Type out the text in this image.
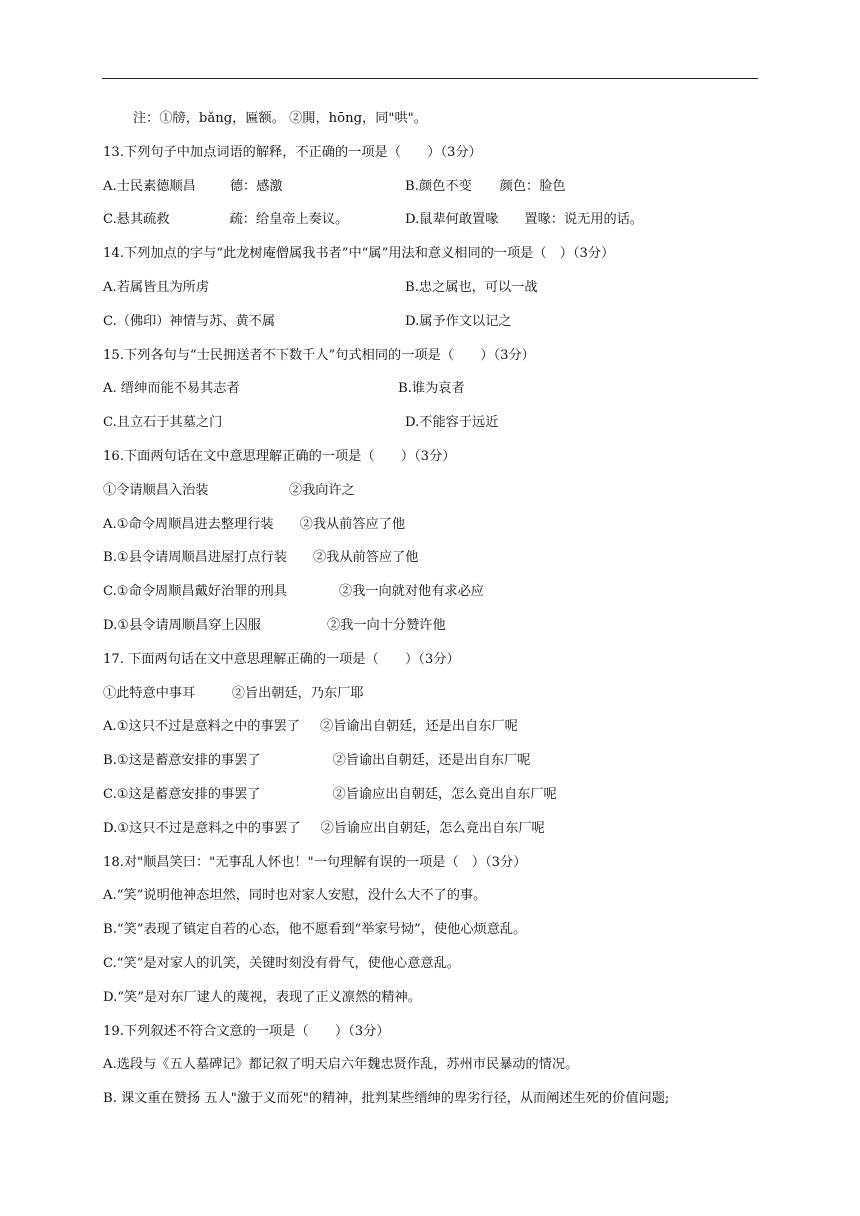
注：①牓，bǎng，匾额。 ②閧，hōng，同"哄"。
13.下列句子中加点词语的解释，不正确的一项是（　　）（3分）
A.士民素德顺昌	德：感激	B.颜色不变 颜色：脸色
C.悬其疏救	疏：给皇帝上奏议。	D.鼠辈何敢置喙 置喙：说无用的话。
14.下列加点的字与“此龙树庵僧属我书者”中“属”用法和意义相同的一项是（　）（3分）
A.若属皆且为所虏	B.忠之属也，可以一战
C.（佛印）神情与苏、黄不属	D.属予作文以记之
15.下列各句与“士民拥送者不下数千人”句式相同的一项是（　　）（3分）
A. 缙绅而能不易其志者	B.谁为哀者
C.且立石于其墓之门	D.不能容于远近
16.下面两句话在文中意思理解正确的一项是（　　）（3分）
①令请顺昌入治装	②我向许之
A.①命令周顺昌进去整理行装 ②我从前答应了他
B.①县令请周顺昌进屋打点行装 ②我从前答应了他
C.①命令周顺昌戴好治罪的刑具	②我一向就对他有求必应
D.①县令请周顺昌穿上囚服	②我一向十分赞许他
17. 下面两句话在文中意思理解正确的一项是（　　）（3分）
①此特意中事耳	②旨出朝廷，乃东厂耶
A.①这只不过是意料之中的事罢了 ②旨谕出自朝廷，还是出自东厂呢
B.①这是蓄意安排的事罢了	②旨谕出自朝廷，还是出自东厂呢
C.①这是蓄意安排的事罢了	②旨谕应出自朝廷，怎么竟出自东厂呢
D.①这只不过是意料之中的事罢了 ②旨谕应出自朝廷，怎么竟出自东厂呢
18.对"顺昌笑曰："无事乱人怀也！"一句理解有误的一项是（　）（3分）
A.“笑”说明他神态坦然，同时也对家人安慰，没什么大不了的事。
B.“笑”表现了镇定自若的心态，他不愿看到“举家号恸”，使他心烦意乱。
C.“笑”是对家人的讥笑，关键时刻没有骨气，使他心意意乱。
D.“笑”是对东厂逮人的蔑视，表现了正义凛然的精神。
19.下列叙述不符合文意的一项是（　　）（3分）
A.选段与《五人墓碑记》都记叙了明天启六年魏忠贤作乱，苏州市民暴动的情况。
B. 课文重在赞扬 五人"激于义而死"的精神，批判某些缙绅的卑劣行径，从而阐述生死的价值问题;
